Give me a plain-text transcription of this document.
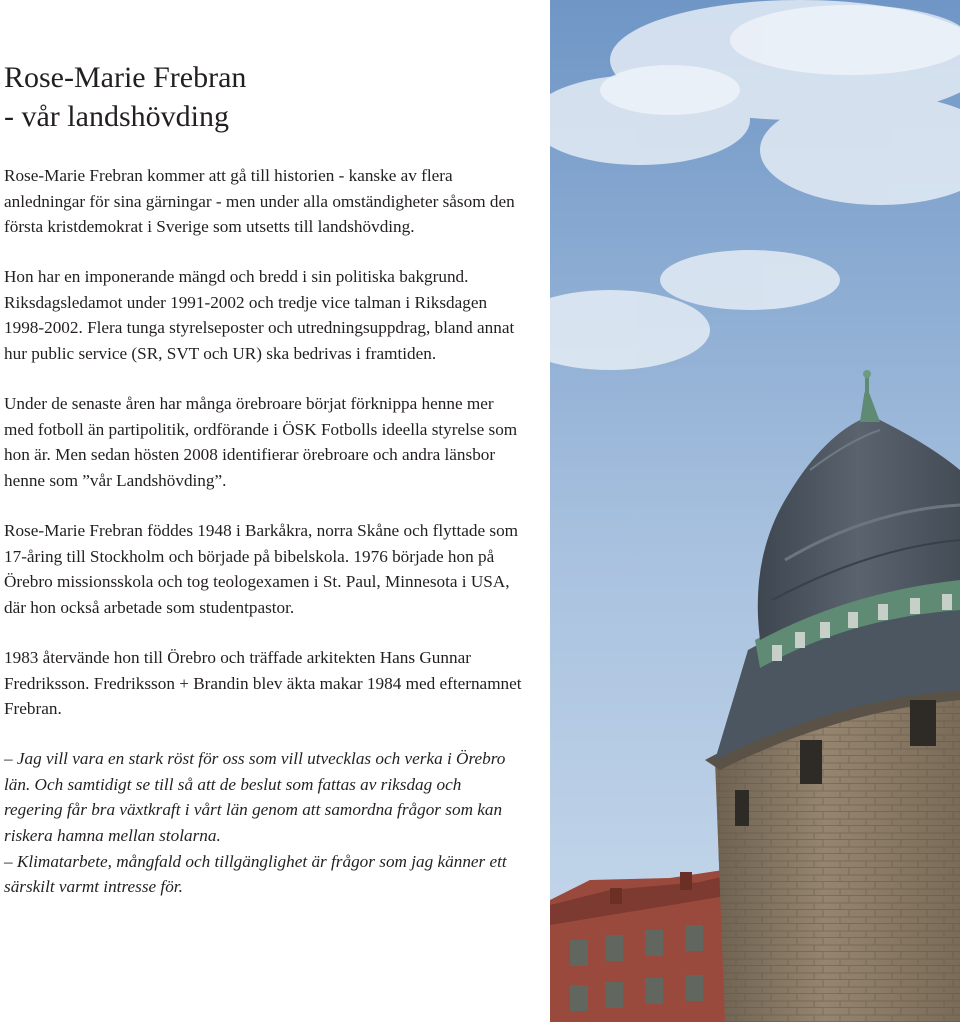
Rose-Marie Frebran
- vår landshövding

Rose-Marie Frebran kommer att gå till historien - kanske av flera anledningar för sina gärningar - men under alla omständigheter såsom den första kristdemokrat i Sverige som utsetts till landshövding.

Hon har en imponerande mängd och bredd i sin politiska bakgrund. Riksdagsledamot under 1991-2002 och tredje vice talman i Riksdagen 1998-2002. Flera tunga styrelseposter och utredningsuppdrag, bland annat hur public service (SR, SVT och UR) ska bedrivas i framtiden.

Under de senaste åren har många örebroare börjat förknippa henne mer med fotboll än partipolitik, ordförande i ÖSK Fotbolls ideella styrelse som hon är. Men sedan hösten 2008 identifierar örebroare och andra länsbor henne som ”vår Landshövding”.

Rose-Marie Frebran föddes 1948 i Barkåkra, norra Skåne och flyttade som 17-åring till Stockholm och började på bibelskola. 1976 började hon på Örebro missionsskola och tog teologexamen i St. Paul, Minnesota i USA, där hon också arbetade som studentpastor.

1983 återvände hon till Örebro och träffade arkitekten Hans Gunnar Fredriksson. Fredriksson + Brandin blev äkta makar 1984 med efternamnet Frebran.

– Jag vill vara en stark röst för oss som vill utvecklas och verka i Örebro län. Och samtidigt se till så att de beslut som fattas av riksdag och regering får bra växtkraft i vårt län genom att samordna frågor som kan riskera hamna mellan stolarna.
– Klimatarbete, mångfald och tillgänglighet är frågor som jag känner ett särskilt varmt intresse för.
